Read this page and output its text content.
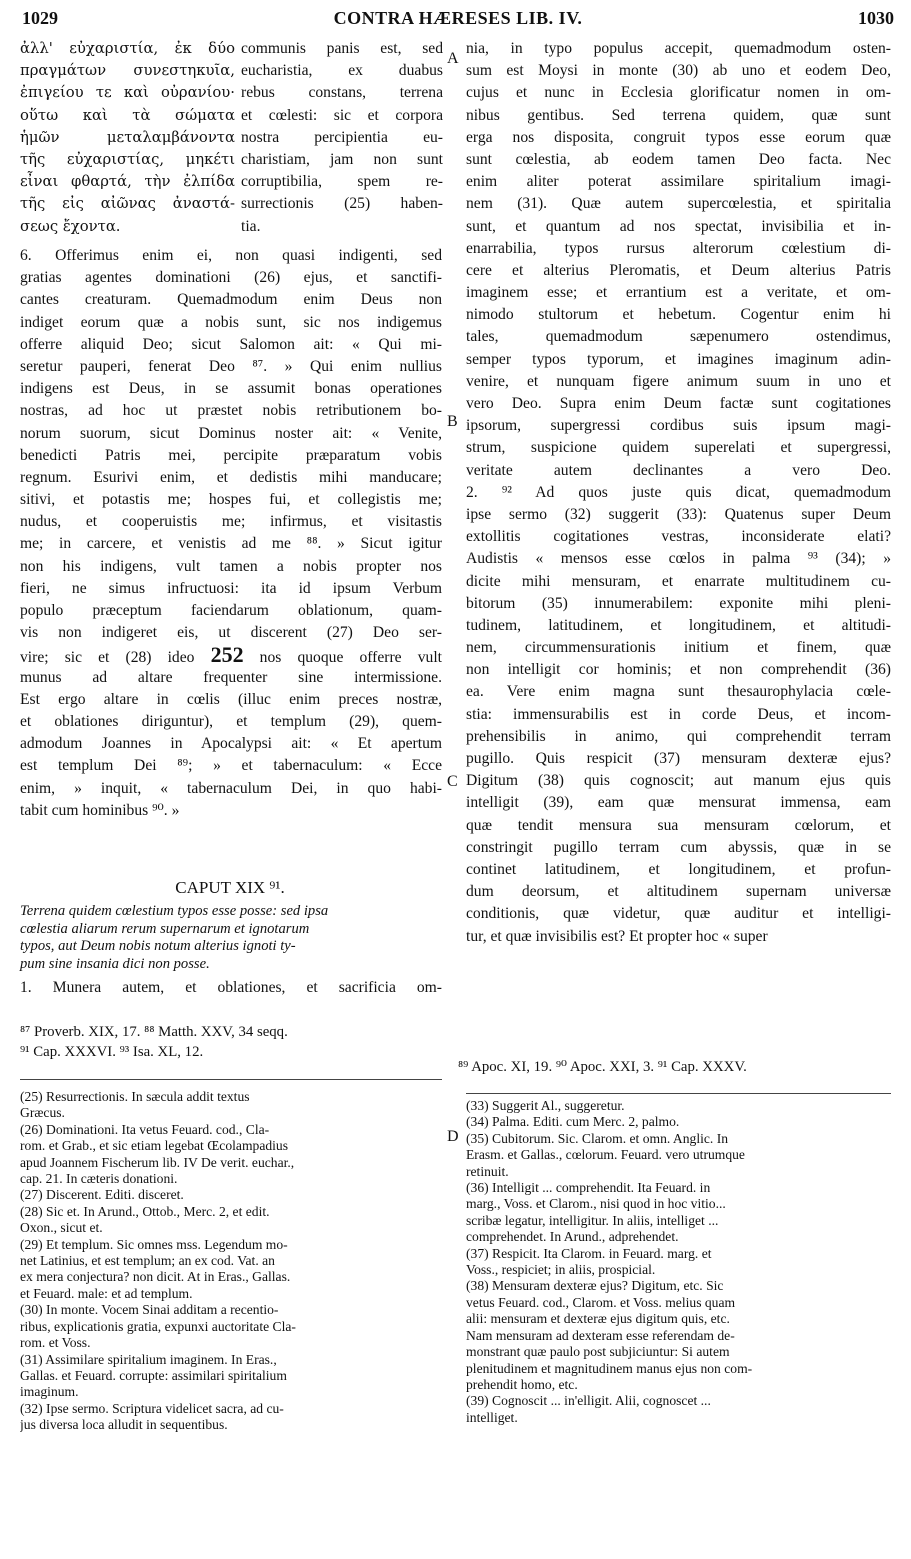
1029	CONTRA HÆRESES LIB. IV.	1030
ἀλλ' εὐχαριστία, ἐκ δύο
πραγμάτων συνεστηκυῖα,
ἐπιγείου τε καὶ οὐρανίου·
οὕτω καὶ τὰ σώματα
ἡμῶν μεταλαμβάνοντα
τῆς εὐχαριστίας, μηκέτι
εἶναι φθαρτά, τὴν ἐλπίδα
τῆς εἰς αἰῶνας ἀναστά-
σεως ἔχοντα.
communis panis est, sed
eucharistia, ex duabus
rebus constans, terrena
et cœlesti: sic et corpora
nostra percipientia eu-
charistiam, jam non sunt
corruptibilia, spem re-
surrectionis (25) haben-
tia.
6. Offerimus enim ei, non quasi indigenti, sed
gratias agentes dominationi (26) ejus, et sanctifi-
cantes creaturam. Quemadmodum enim Deus non
indiget eorum quæ a nobis sunt, sic nos indigemus
offerre aliquid Deo; sicut Salomon ait: « Qui mi-
seretur pauperi, fenerat Deo ⁸⁷. » Qui enim nullius
indigens est Deus, in se assumit bonas operationes
nostras, ad hoc ut præstet nobis retributionem bo-
norum suorum, sicut Dominus noster ait: « Venite,
benedicti Patris mei, percipite præparatum vobis
regnum. Esurivi enim, et dedistis mihi manducare;
sitivi, et potastis me; hospes fui, et collegistis me;
nudus, et cooperuistis me; infirmus, et visitastis
me; in carcere, et venistis ad me ⁸⁸. » Sicut igitur
non his indigens, vult tamen a nobis propter nos
fieri, ne simus infructuosi: ita id ipsum Verbum
populo præceptum faciendarum oblationum, quam-
vis non indigeret eis, ut discerent (27) Deo ser-
vire; sic et (28) ideo 252 nos quoque offerre vult
munus ad altare frequenter sine intermissione.
Est ergo altare in cœlis (illuc enim preces nostræ,
et oblationes diriguntur), et templum (29), quem-
admodum Joannes in Apocalypsi ait: « Et apertum
est templum Dei ⁸⁹; » et tabernaculum: « Ecce
enim, » inquit, « tabernaculum Dei, in quo habi-
tabit cum hominibus ⁹⁰. »
CAPUT XIX ⁹¹.
Terrena quidem cœlestium typos esse posse: sed ipsa
cœlestia aliarum rerum supernarum et ignotarum
typos, aut Deum nobis notum alterius ignoti ty-
pum sine insania dici non posse.
1. Munera autem, et oblationes, et sacrificia om-
nia, in typo populus accepit, quemadmodum osten-
sum est Moysi in monte (30) ab uno et eodem Deo,
cujus et nunc in Ecclesia glorificatur nomen in om-
nibus gentibus. Sed terrena quidem, quæ sunt
erga nos disposita, congruit typos esse eorum quæ
sunt cœlestia, ab eodem tamen Deo facta. Nec
enim aliter poterat assimilare spiritalium imagi-
nem (31). Quæ autem supercœlestia, et spiritalia
sunt, et quantum ad nos spectat, invisibilia et in-
enarrabilia, typos rursus alterorum cœlestium di-
cere et alterius Pleromatis, et Deum alterius Patris
imaginem esse; et errantium est a veritate, et om-
nimodo stultorum et hebetum. Cogentur enim hi
tales, quemadmodum sæpenumero ostendimus,
semper typos typorum, et imagines imaginum adin-
venire, et nunquam figere animum suum in uno et
vero Deo. Supra enim Deum factæ sunt cogitationes
ipsorum, supergressi cordibus suis ipsum magi-
strum, suspicione quidem superelati et supergressi,
veritate autem declinantes a vero Deo.
2. ⁹² Ad quos juste quis dicat, quemadmodum
ipse sermo (32) suggerit (33): Quatenus super Deum
extollitis cogitationes vestras, inconsiderate elati?
Audistis « mensos esse cœlos in palma ⁹³ (34); »
dicite mihi mensuram, et enarrate multitudinem cu-
bitorum (35) innumerabilem: exponite mihi pleni-
tudinem, latitudinem, et longitudinem, et altitudi-
nem, circummensurationis initium et finem, quæ
non intelligit cor hominis; et non comprehendit (36)
ea. Vere enim magna sunt thesaurophylacia cœle-
stia: immensurabilis est in corde Deus, et incom-
prehensibilis in animo, qui comprehendit terram
pugillo. Quis respicit (37) mensuram dexteræ ejus?
Digitum (38) quis cognoscit; aut manum ejus quis
intelligit (39), eam quæ mensurat immensa, eam
quæ tendit mensura sua mensuram cœlorum, et
constringit pugillo terram cum abyssis, quæ in se
continet latitudinem, et longitudinem, et profun-
dum deorsum, et altitudinem supernam universæ
conditionis, quæ videtur, quæ auditur et intelligi-
tur, et quæ invisibilis est? Et propter hoc « super
A
B
C
D
⁸⁷ Proverb. XIX, 17. ⁸⁸ Matth. XXV, 34 seqq.
⁹¹ Cap. XXXVI. ⁹³ Isa. XL, 12.
⁸⁹ Apoc. XI, 19. ⁹⁰ Apoc. XXI, 3. ⁹¹ Cap. XXXV.
(25) Resurrectionis. In sæcula addit textus
Græcus.
(26) Dominationi. Ita vetus Feuard. cod., Cla-
rom. et Grab., et sic etiam legebat Œcolampadius
apud Joannem Fischerum lib. IV De verit. euchar.,
cap. 21. In cæteris donationi.
(27) Discerent. Editi. disceret.
(28) Sic et. In Arund., Ottob., Merc. 2, et edit.
Oxon., sicut et.
(29) Et templum. Sic omnes mss. Legendum mo-
net Latinius, et est templum; an ex cod. Vat. an
ex mera conjectura? non dicit. At in Eras., Gallas.
et Feuard. male: et ad templum.
(30) In monte. Vocem Sinai additam a recentio-
ribus, explicationis gratia, expunxi auctoritate Cla-
rom. et Voss.
(31) Assimilare spiritalium imaginem. In Eras.,
Gallas. et Feuard. corrupte: assimilari spiritalium
imaginum.
(32) Ipse sermo. Scriptura videlicet sacra, ad cu-
jus diversa loca alludit in sequentibus.
(33) Suggerit Al., suggeretur.
(34) Palma. Editi. cum Merc. 2, palmo.
(35) Cubitorum. Sic. Clarom. et omn. Anglic. In
Erasm. et Gallas., cœlorum. Feuard. vero utrumque
retinuit.
(36) Intelligit ... comprehendit. Ita Feuard. in
marg., Voss. et Clarom., nisi quod in hoc vitio...
scribæ legatur, intelligitur. In aliis, intelliget ...
comprehendet. In Arund., adprehendet.
(37) Respicit. Ita Clarom. in Feuard. marg. et
Voss., respiciet; in aliis, prospicial.
(38) Mensuram dexteræ ejus? Digitum, etc. Sic
vetus Feuard. cod., Clarom. et Voss. melius quam
alii: mensuram et dexteræ ejus digitum quis, etc.
Nam mensuram ad dexteram esse referendam de-
monstrant quæ paulo post subjiciuntur: Si autem
plenitudinem et magnitudinem manus ejus non com-
prehendit homo, etc.
(39) Cognoscit ... in'elligit. Alii, cognoscet ...
intelliget.
